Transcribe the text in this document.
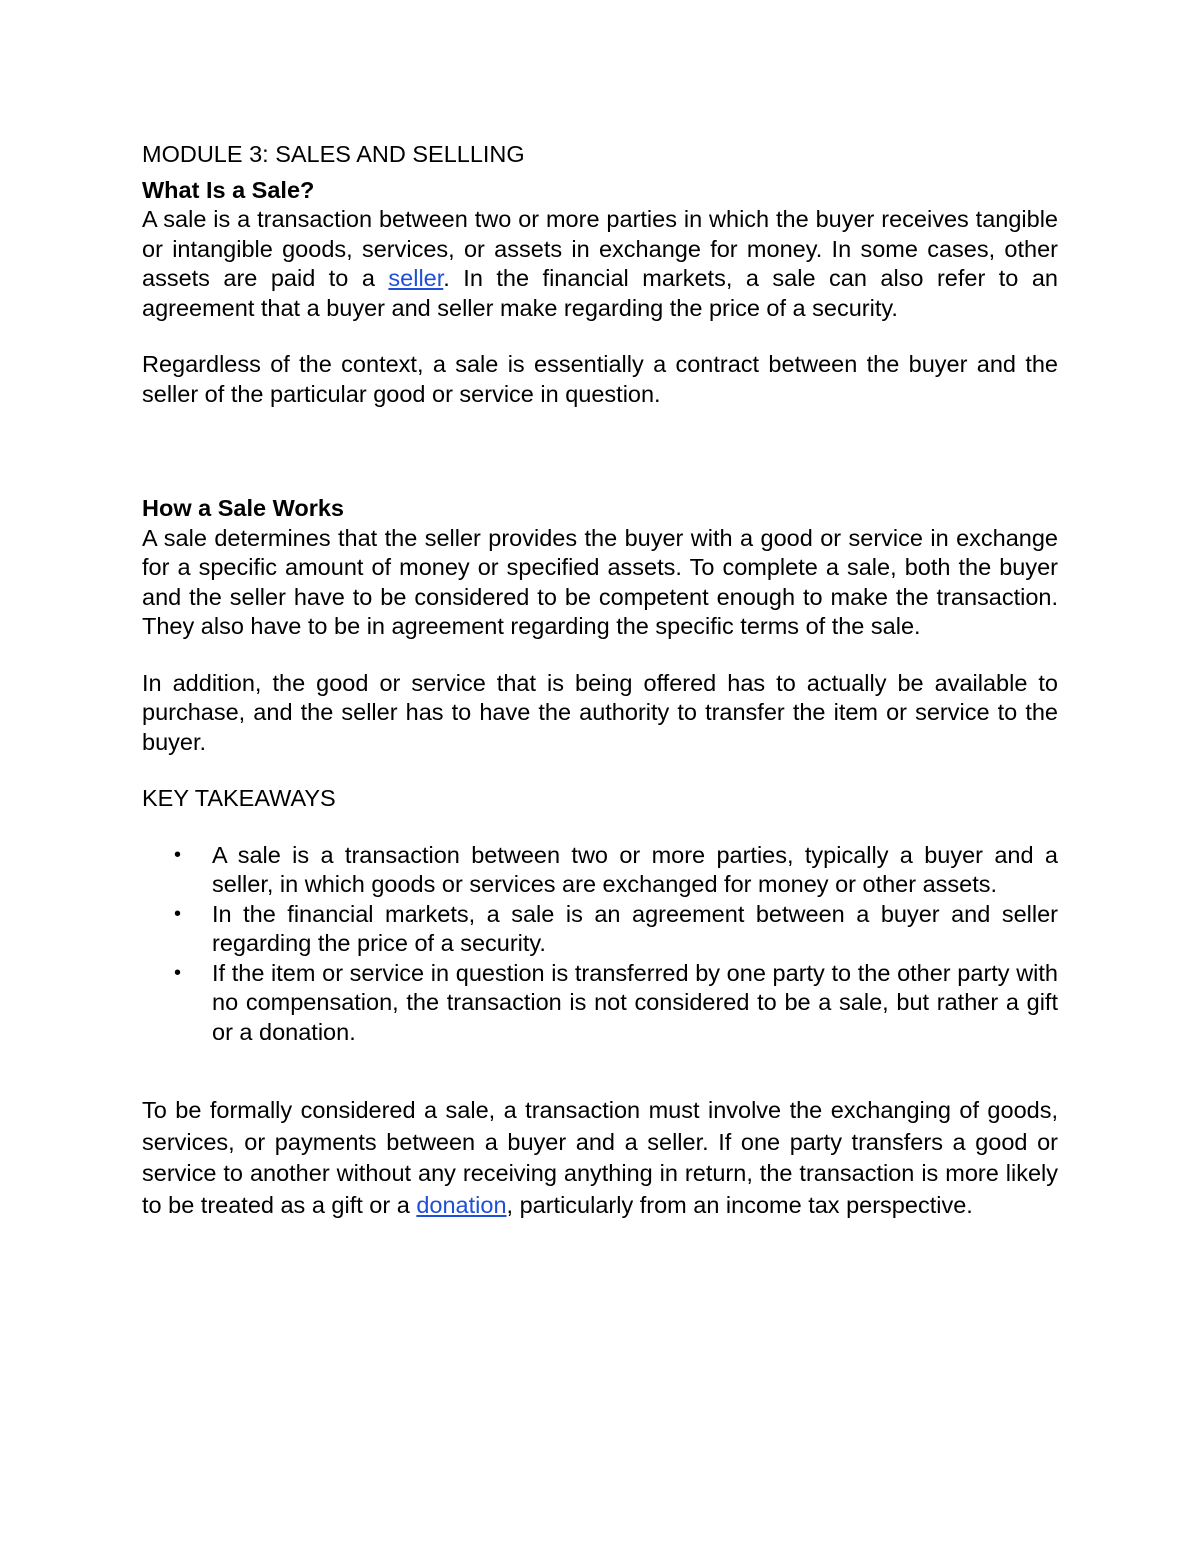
MODULE 3: SALES AND SELLLING

What Is a Sale?

A sale is a transaction between two or more parties in which the buyer receives tangible or intangible goods, services, or assets in exchange for money. In some cases, other assets are paid to a seller. In the financial markets, a sale can also refer to an agreement that a buyer and seller make regarding the price of a security.

Regardless of the context, a sale is essentially a contract between the buyer and the seller of the particular good or service in question.

How a Sale Works

A sale determines that the seller provides the buyer with a good or service in exchange for a specific amount of money or specified assets. To complete a sale, both the buyer and the seller have to be considered to be competent enough to make the transaction. They also have to be in agreement regarding the specific terms of the sale.

In addition, the good or service that is being offered has to actually be available to purchase, and the seller has to have the authority to transfer the item or service to the buyer.

KEY TAKEAWAYS

• A sale is a transaction between two or more parties, typically a buyer and a seller, in which goods or services are exchanged for money or other assets.
• In the financial markets, a sale is an agreement between a buyer and seller regarding the price of a security.
• If the item or service in question is transferred by one party to the other party with no compensation, the transaction is not considered to be a sale, but rather a gift or a donation.

To be formally considered a sale, a transaction must involve the exchanging of goods, services, or payments between a buyer and a seller. If one party transfers a good or service to another without any receiving anything in return, the transaction is more likely to be treated as a gift or a donation, particularly from an income tax perspective.
